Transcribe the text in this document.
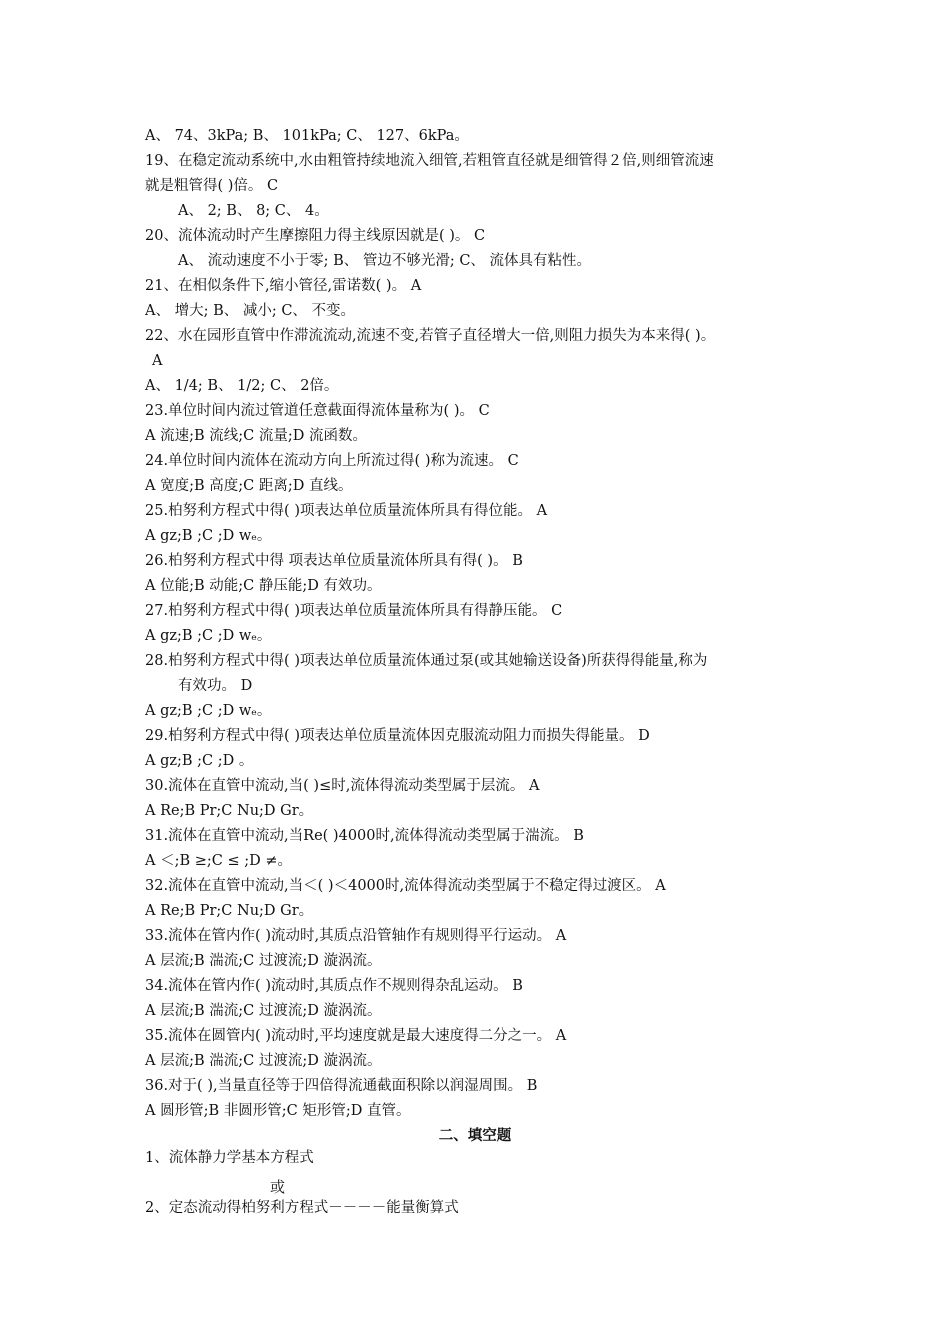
A、 74、3kPa; B、 101kPa; C、 127、6kPa。
19、在稳定流动系统中,水由粗管持续地流入细管,若粗管直径就是细管得２倍,则细管流速
就是粗管得( )倍。 C
A、 2; B、 8; C、 4。
20、流体流动时产生摩擦阻力得主线原因就是( )。 C
A、 流动速度不小于零; B、 管边不够光滑; C、 流体具有粘性。
21、在相似条件下,缩小管径,雷诺数( )。 A
A、 增大; B、 减小; C、 不变。
22、水在园形直管中作滞流流动,流速不变,若管子直径增大一倍,则阻力损失为本来得( )。
A
A、 1/4; B、 1/2; C、 2倍。
23.单位时间内流过管道任意截面得流体量称为( )。 C
A 流速;B 流线;C 流量;D 流函数。
24.单位时间内流体在流动方向上所流过得( )称为流速。 C
A 宽度;B 高度;C 距离;D 直线。
25.柏努利方程式中得( )项表达单位质量流体所具有得位能。 A
A gz;B ;C ;D wₑ。
26.柏努利方程式中得 项表达单位质量流体所具有得( )。 B
A 位能;B 动能;C 静压能;D 有效功。
27.柏努利方程式中得( )项表达单位质量流体所具有得静压能。 C
A gz;B ;C ;D wₑ。
28.柏努利方程式中得( )项表达单位质量流体通过泵(或其她输送设备)所获得得能量,称为
有效功。 D
A gz;B ;C ;D wₑ。
29.柏努利方程式中得( )项表达单位质量流体因克服流动阻力而损失得能量。 D
A gz;B ;C ;D 。
30.流体在直管中流动,当( )≤时,流体得流动类型属于层流。 A
A Re;B Pr;C Nu;D Gr。
31.流体在直管中流动,当Re( )4000时,流体得流动类型属于湍流。 B
A ＜;B ≥;C ≤ ;D ≠。
32.流体在直管中流动,当＜( )＜4000时,流体得流动类型属于不稳定得过渡区。 A
A Re;B Pr;C Nu;D Gr。
33.流体在管内作( )流动时,其质点沿管轴作有规则得平行运动。 A
A 层流;B 湍流;C 过渡流;D 漩涡流。
34.流体在管内作( )流动时,其质点作不规则得杂乱运动。 B
A 层流;B 湍流;C 过渡流;D 漩涡流。
35.流体在圆管内( )流动时,平均速度就是最大速度得二分之一。 A
A 层流;B 湍流;C 过渡流;D 漩涡流。
36.对于( ),当量直径等于四倍得流通截面积除以润湿周围。 B
A 圆形管;B 非圆形管;C 矩形管;D 直管。
二、填空题
1、流体静力学基本方程式
或
2、定态流动得柏努利方程式－－－－能量衡算式
